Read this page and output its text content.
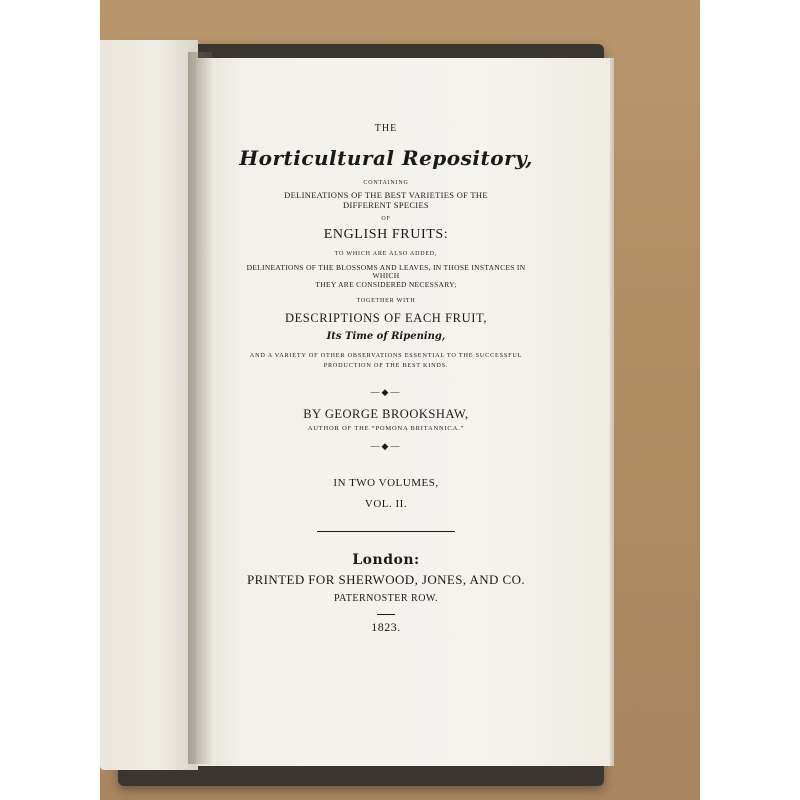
THE
Horticultural Repository,
CONTAINING
DELINEATIONS OF THE BEST VARIETIES OF THE
DIFFERENT SPECIES
OF
ENGLISH FRUITS:
TO WHICH ARE ALSO ADDED,
DELINEATIONS OF THE BLOSSOMS AND LEAVES, IN THOSE INSTANCES IN WHICH
THEY ARE CONSIDERED NECESSARY;
TOGETHER WITH
DESCRIPTIONS OF EACH FRUIT,
Its Time of Ripening,
AND A VARIETY OF OTHER OBSERVATIONS ESSENTIAL TO THE SUCCESSFUL
PRODUCTION OF THE BEST KINDS.
—◆—
BY GEORGE BROOKSHAW,
AUTHOR OF THE “POMONA BRITANNICA.”
—◆—
IN TWO VOLUMES,
VOL. II.
London:
PRINTED FOR SHERWOOD, JONES, AND CO.
PATERNOSTER ROW.
1823.
